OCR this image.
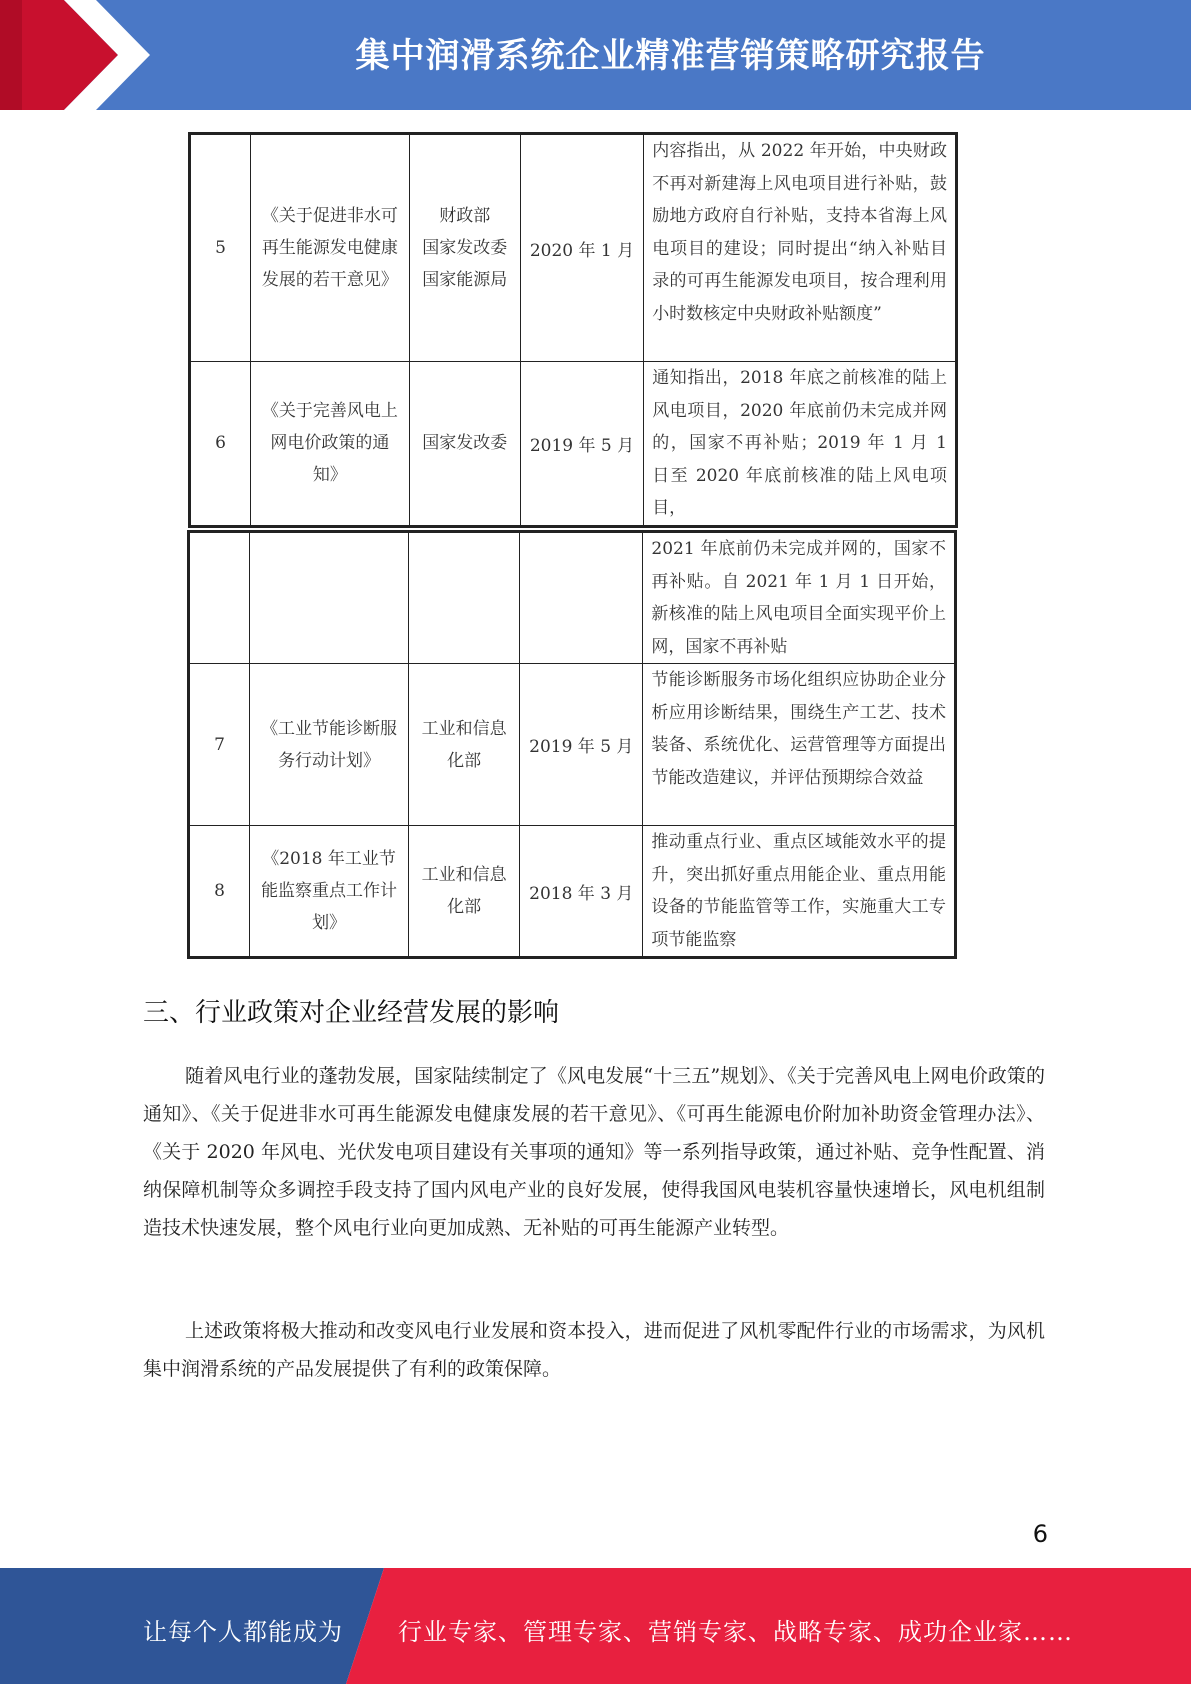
集中润滑系统企业精准营销策略研究报告
5	《关于促进非水可再生能源发电健康发展的若干意见》	财政部
国家发改委
国家能源局	2020 年 1 月	内容指出，从 2022 年开始，中央财政不再对新建海上风电项目进行补贴，鼓励地方政府自行补贴，支持本省海上风电项目的建设；同时提出“纳入补贴目录的可再生能源发电项目，按合理利用小时数核定中央财政补贴额度”
6	《关于完善风电上网电价政策的通知》	国家发改委	2019 年 5 月	通知指出，2018 年底之前核准的陆上风电项目，2020 年底前仍未完成并网的，国家不再补贴；2019 年 1 月 1 日至 2020 年底前核准的陆上风电项目，
				2021 年底前仍未完成并网的，国家不再补贴。自 2021 年 1 月 1 日开始，新核准的陆上风电项目全面实现平价上网，国家不再补贴
7	《工业节能诊断服务行动计划》	工业和信息
化部	2019 年 5 月	节能诊断服务市场化组织应协助企业分析应用诊断结果，围绕生产工艺、技术装备、系统优化、运营管理等方面提出节能改造建议，并评估预期综合效益
8	《2018 年工业节能监察重点工作计划》	工业和信息
化部	2018 年 3 月	推动重点行业、重点区域能效水平的提升，突出抓好重点用能企业、重点用能设备的节能监管等工作，实施重大工专项节能监察
三、行业政策对企业经营发展的影响

随着风电行业的蓬勃发展，国家陆续制定了《风电发展“十三五”规划》、《关于完善风电上网电价政策的通知》、《关于促进非水可再生能源发电健康发展的若干意见》、《可再生能源电价附加补助资金管理办法》、《关于 2020 年风电、光伏发电项目建设有关事项的通知》等一系列指导政策，通过补贴、竞争性配置、消纳保障机制等众多调控手段支持了国内风电产业的良好发展，使得我国风电装机容量快速增长，风电机组制造技术快速发展，整个风电行业向更加成熟、无补贴的可再生能源产业转型。

上述政策将极大推动和改变风电行业发展和资本投入，进而促进了风机零配件行业的市场需求，为风机集中润滑系统的产品发展提供了有利的政策保障。

6
让每个人都能成为 行业专家、管理专家、营销专家、战略专家、成功企业家……
